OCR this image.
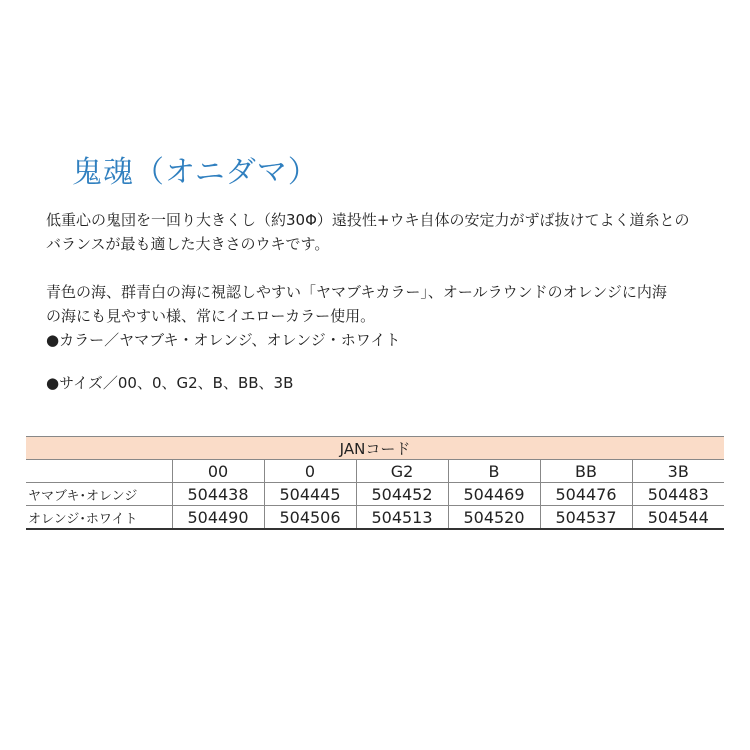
鬼魂（オニダマ）
低重心の鬼団を一回り大きくし（約30Φ）遠投性+ウキ自体の安定力がずば抜けてよく道糸との
バランスが最も適した大きさのウキです。
青色の海、群青白の海に視認しやすい「ヤマブキカラー」、オールラウンドのオレンジに内海
の海にも見やすい様、常にイエローカラー使用。
●カラー／ヤマブキ・オレンジ、オレンジ・ホワイト
●サイズ／00、0、G2、B、BB、3B
JANコード						
	00	0	G2	B	BB	3B
ヤマブキ･オレンジ	504438	504445	504452	504469	504476	504483
オレンジ･ホワイト	504490	504506	504513	504520	504537	504544
